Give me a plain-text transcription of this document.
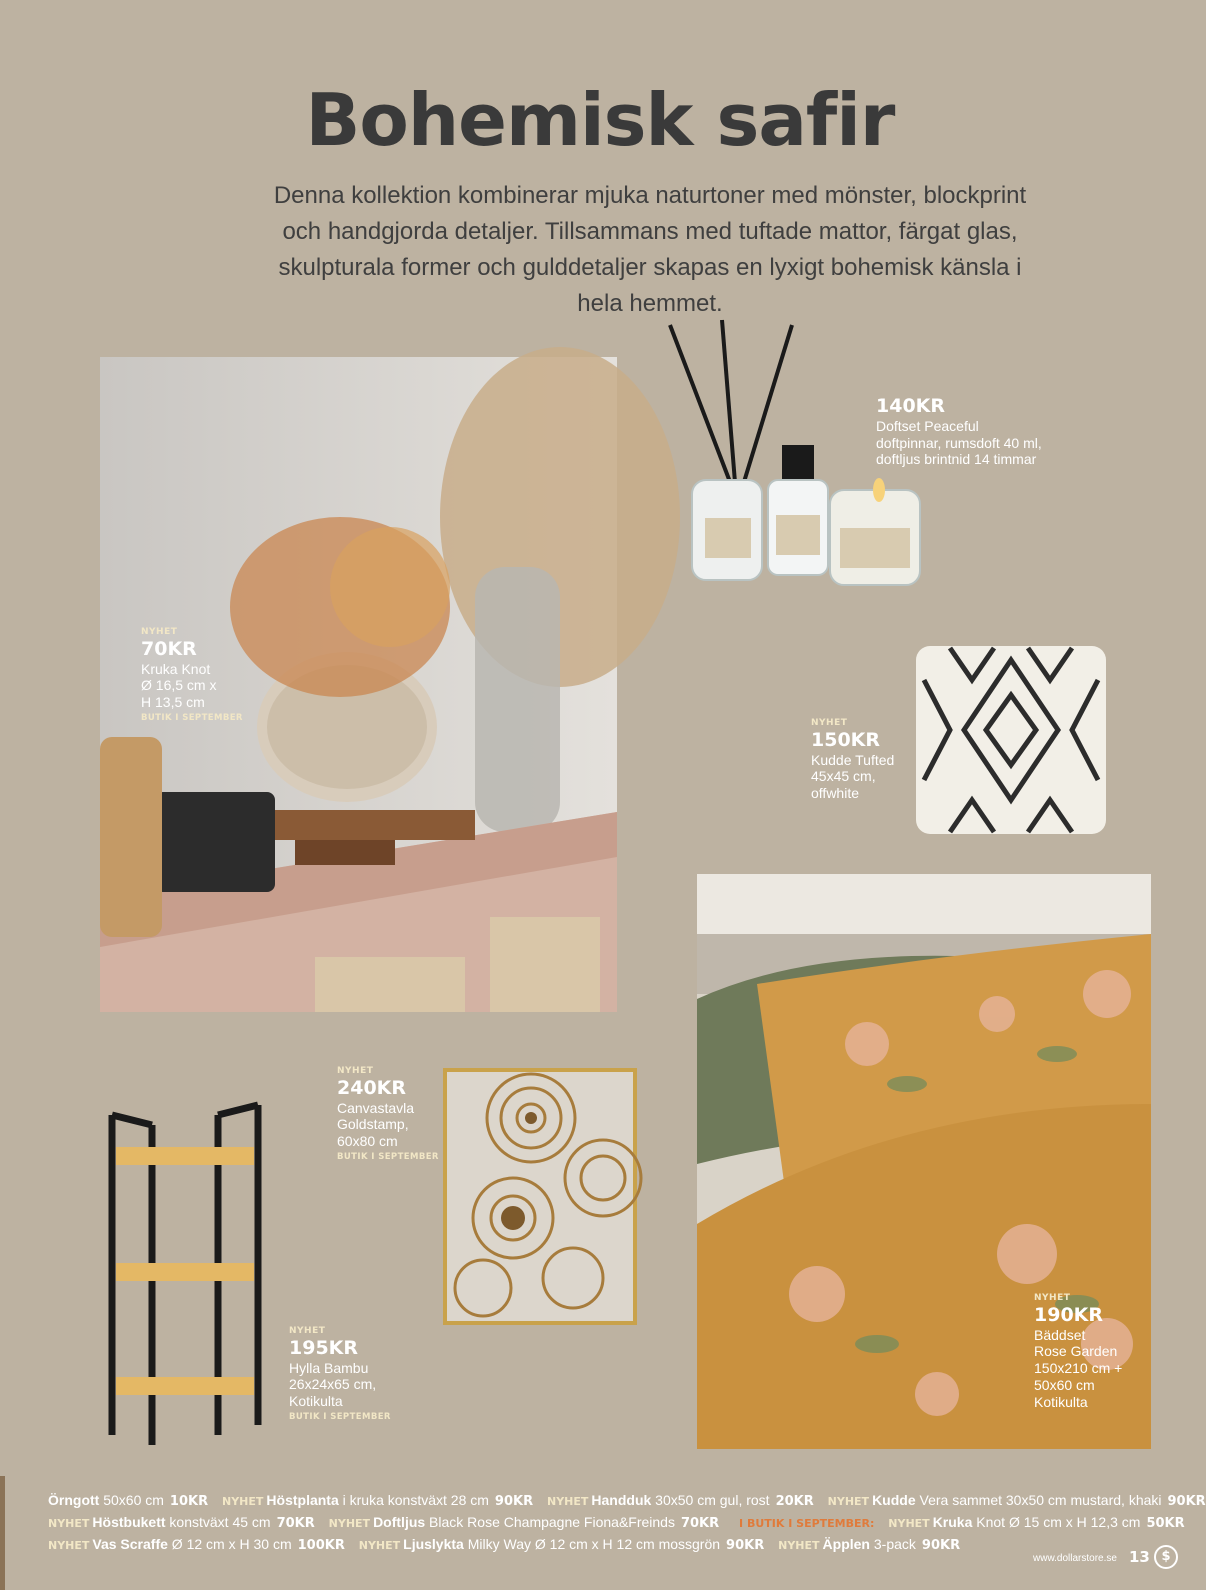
Bohemisk safir
Denna kollektion kombinerar mjuka naturtoner med mönster, blockprint och handgjorda detaljer. Tillsammans med tuftade mattor, färgat glas, skulpturala former och gulddetaljer skapas en lyxigt bohemisk känsla i hela hemmet.
NYHET
70KR
Kruka Knot
Ø 16,5 cm x
H 13,5 cm
BUTIK I SEPTEMBER
140KR
Doftset Peaceful
doftpinnar, rumsdoft 40 ml,
doftljus brintnid 14 timmar
NYHET
150KR
Kudde Tufted
45x45 cm,
offwhite
NYHET
240KR
Canvastavla
Goldstamp,
60x80 cm
BUTIK I SEPTEMBER
NYHET
195KR
Hylla Bambu
26x24x65 cm,
Kotikulta
BUTIK I SEPTEMBER
NYHET
190KR
Bäddset
Rose Garden
150x210 cm +
50x60 cm
Kotikulta
Örngott 50x60 cm 10KR NYHET Höstplanta i kruka konstväxt 28 cm 90KR NYHET Handduk 30x50 cm gul, rost 20KR NYHET Kudde Vera sammet 30x50 cm mustard, khaki 90KR
NYHET Höstbukett konstväxt 45 cm 70KR NYHET Doftljus Black Rose Champagne Fiona&Freinds 70KR I BUTIK I SEPTEMBER: NYHET Kruka Knot Ø 15 cm x H 12,3 cm 50KR
NYHET Vas Scraffe Ø 12 cm x H 30 cm 100KR NYHET Ljuslykta Milky Way Ø 12 cm x H 12 cm mossgrön 90KR NYHET Äpplen 3-pack 90KR
www.dollarstore.se 13 $
